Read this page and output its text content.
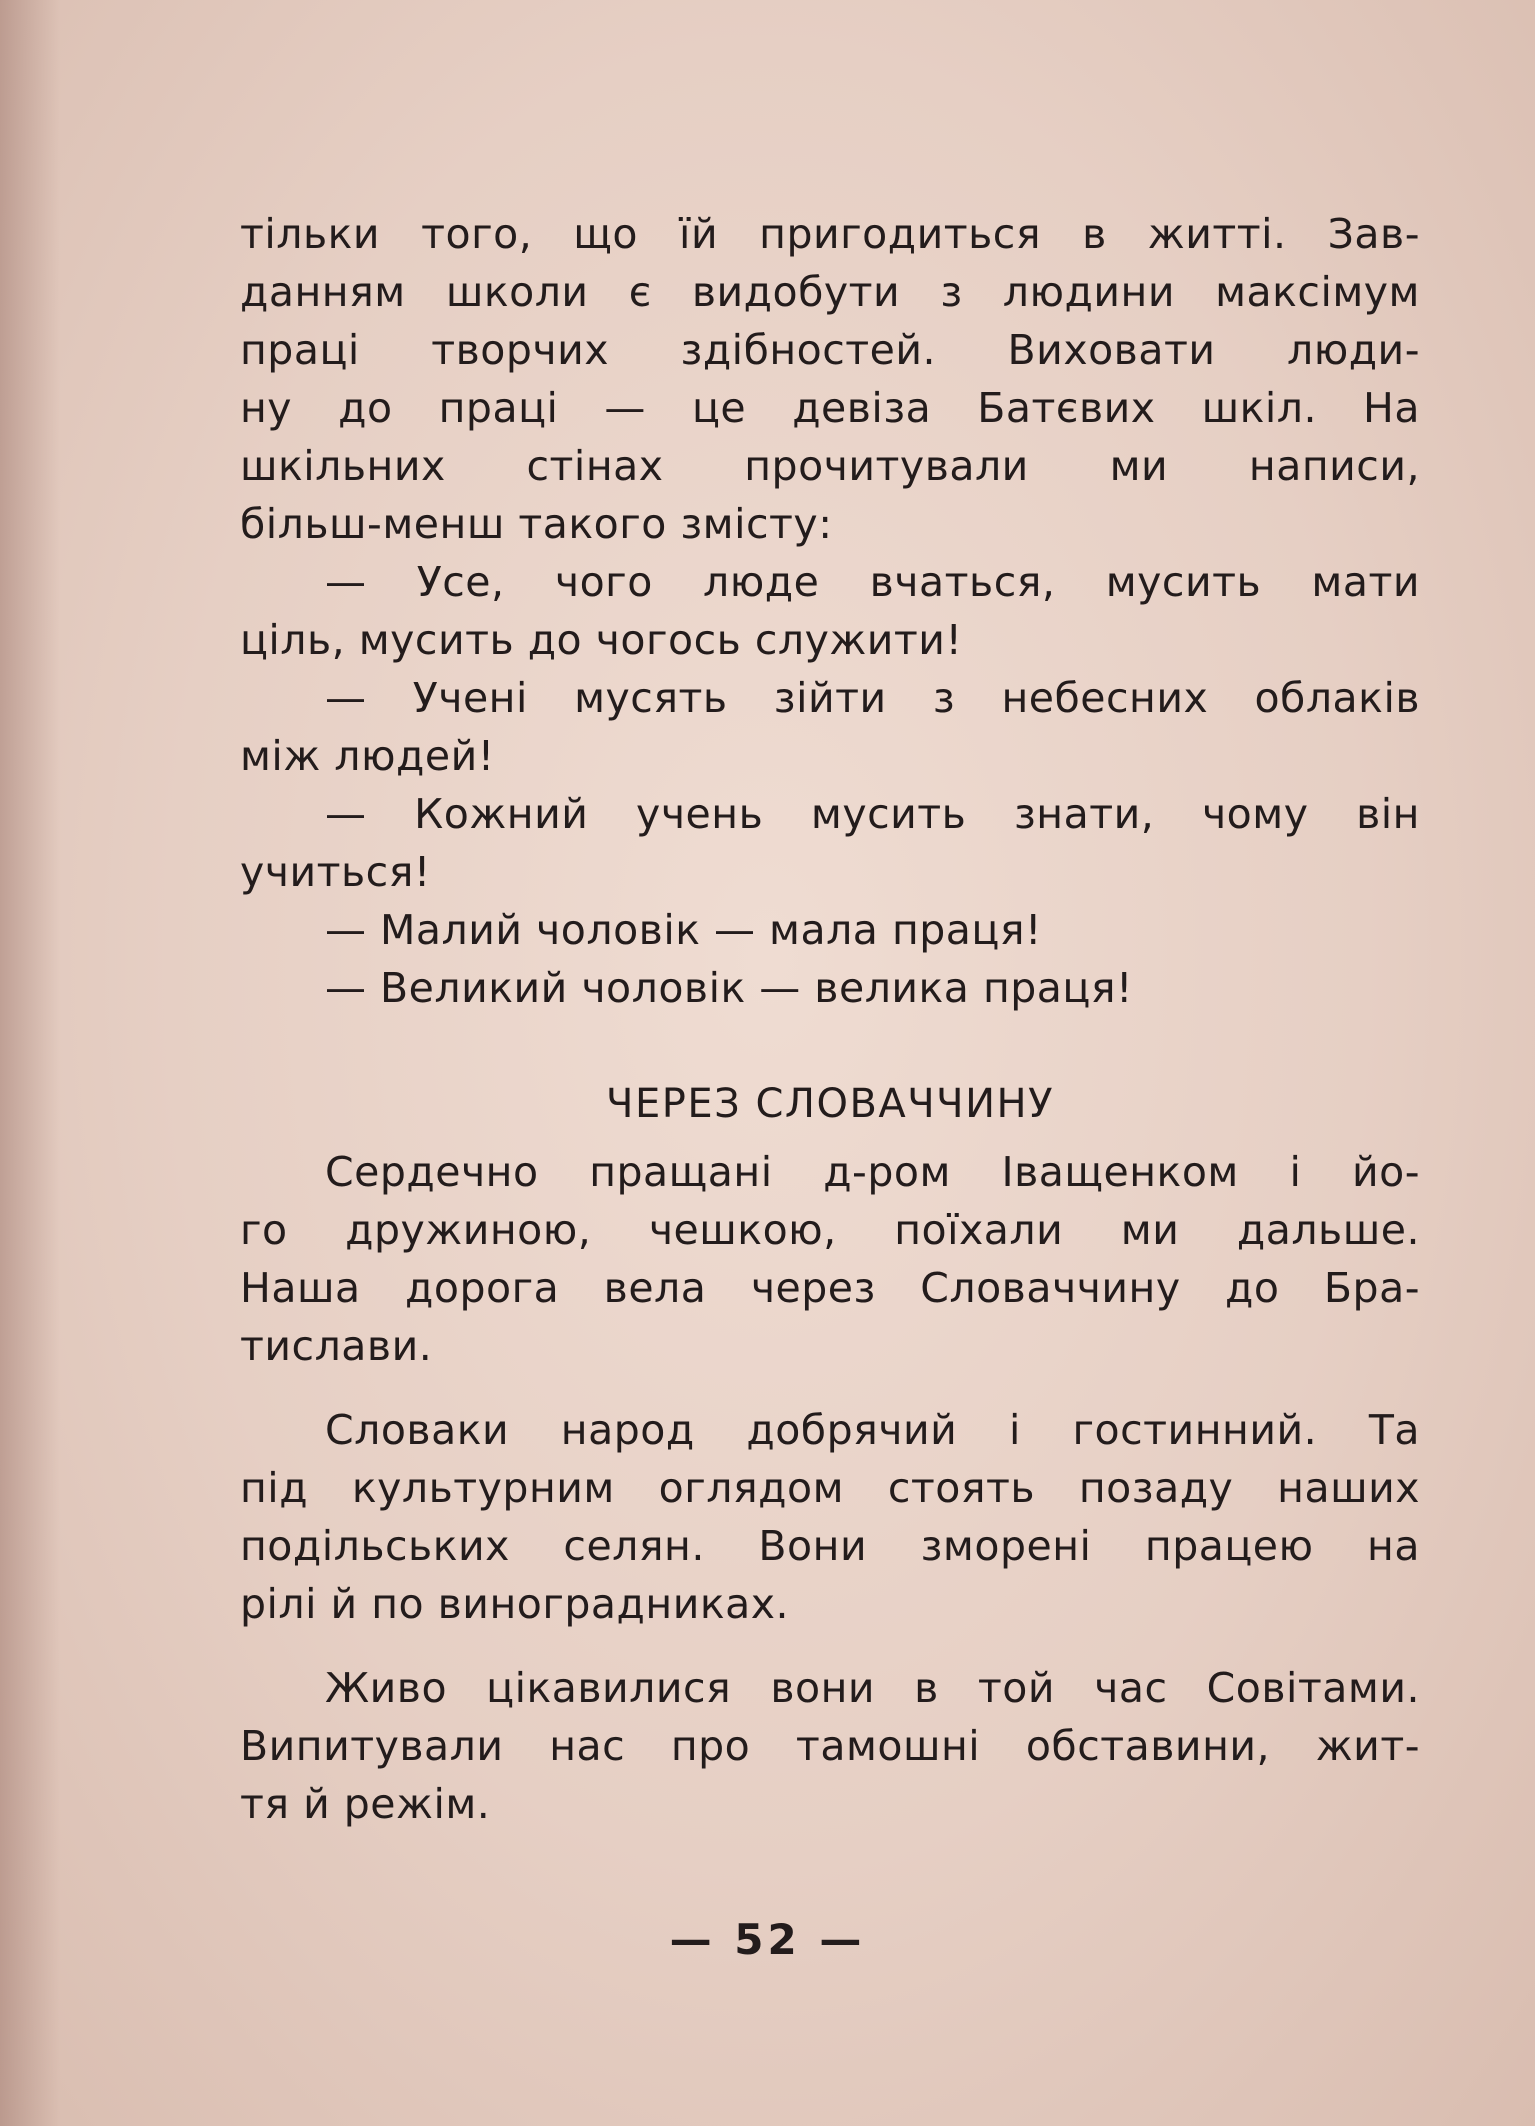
тільки того, що їй пригодиться в житті. Зав-
данням школи є видобути з людини максімум
праці творчих здібностей. Виховати люди-
ну до праці — це девіза Батєвих шкіл. На
шкільних стінах прочитували ми написи,
більш-менш такого змісту:
— Усе, чого люде вчаться, мусить мати
ціль, мусить до чогось служити!
— Учені мусять зійти з небесних облаків
між людей!
— Кожний учень мусить знати, чому він
учиться!
— Малий чоловік — мала праця!
— Великий чоловік — велика праця!
ЧЕРЕЗ СЛОВАЧЧИНУ
Сердечно пращані д-ром Іващенком і йо-
го дружиною, чешкою, поїхали ми дальше.
Наша дорога вела через Словаччину до Бра-
тислави.
Словаки народ добрячий і гостинний. Та
під культурним оглядом стоять позаду наших
подільських селян. Вони зморені працею на
рілі й по виноградниках.
Живо цікавилися вони в той час Совітами.
Випитували нас про тамошні обставини, жит-
тя й режім.
— 52 —
